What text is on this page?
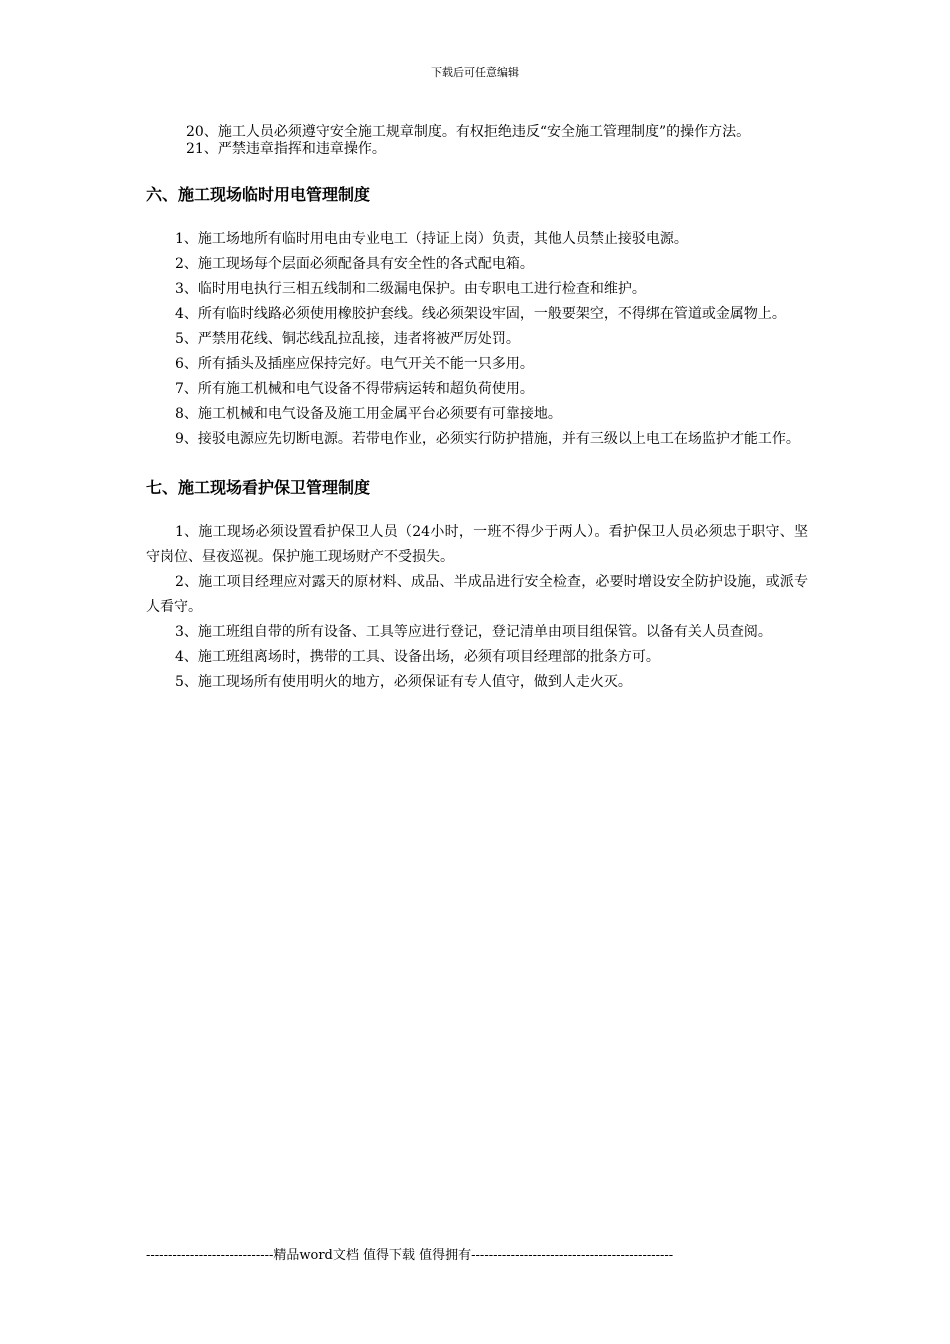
下载后可任意编辑

20、施工人员必须遵守安全施工规章制度。有权拒绝违反“安全施工管理制度”的操作方法。

21、严禁违章指挥和违章操作。

六、施工现场临时用电管理制度

1、施工场地所有临时用电由专业电工（持证上岗）负责，其他人员禁止接驳电源。

2、施工现场每个层面必须配备具有安全性的各式配电箱。

3、临时用电执行三相五线制和二级漏电保护。由专职电工进行检查和维护。

4、所有临时线路必须使用橡胶护套线。线必须架设牢固，一般要架空，不得绑在管道或金属物上。

5、严禁用花线、铜芯线乱拉乱接，违者将被严厉处罚。

6、所有插头及插座应保持完好。电气开关不能一只多用。

7、所有施工机械和电气设备不得带病运转和超负荷使用。

8、施工机械和电气设备及施工用金属平台必须要有可靠接地。

9、接驳电源应先切断电源。若带电作业，必须实行防护措施，并有三级以上电工在场监护才能工作。

七、施工现场看护保卫管理制度

1、施工现场必须设置看护保卫人员（24小时，一班不得少于两人）。看护保卫人员必须忠于职守、坚守岗位、昼夜巡视。保护施工现场财产不受损失。

2、施工项目经理应对露天的原材料、成品、半成品进行安全检查，必要时增设安全防护设施，或派专人看守。

3、施工班组自带的所有设备、工具等应进行登记，登记清单由项目组保管。以备有关人员查阅。

4、施工班组离场时，携带的工具、设备出场，必须有项目经理部的批条方可。

5、施工现场所有使用明火的地方，必须保证有专人值守，做到人走火灭。

-----------------------------精品word文档 值得下载 值得拥有----------------------------------------------
